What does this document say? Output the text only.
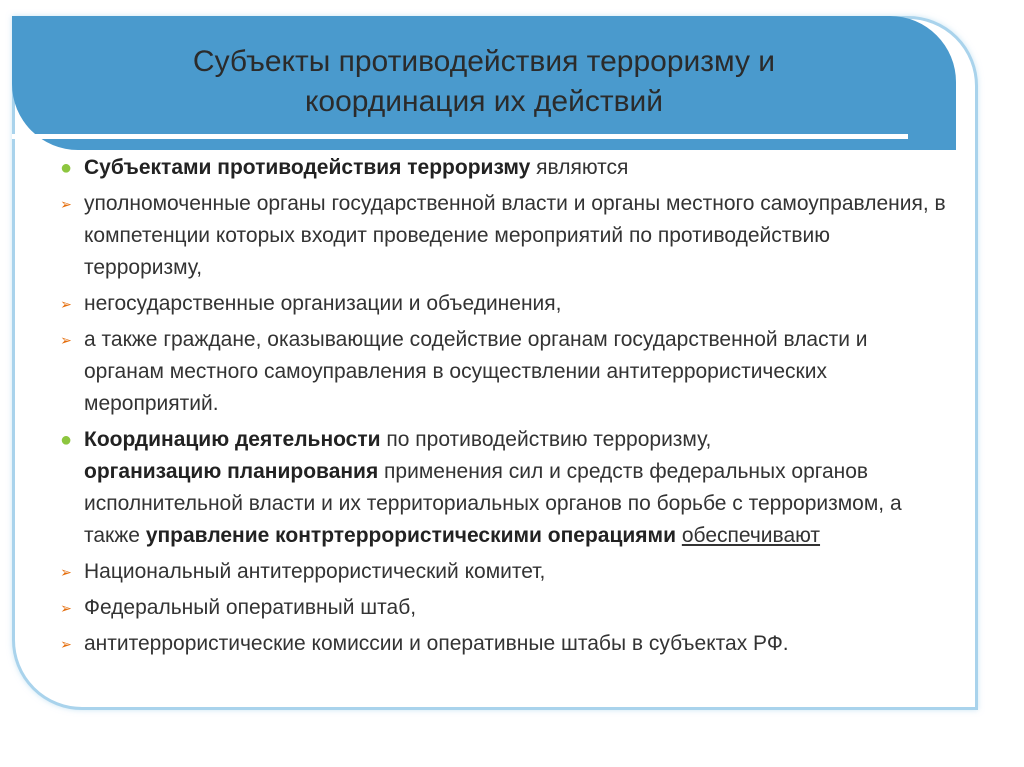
Субъекты противодействия терроризму и
координация их действий
● Субъектами противодействия терроризму являются
➢ уполномоченные органы государственной власти и органы местного самоуправления, в компетенции которых входит проведение мероприятий по противодействию терроризму,
➢ негосударственные организации и объединения,
➢ а также граждане, оказывающие содействие органам государственной власти и органам местного самоуправления в осуществлении антитеррористических мероприятий.
● Координацию деятельности по противодействию терроризму,
организацию планирования применения сил и средств федеральных органов исполнительной власти и их территориальных органов по борьбе с терроризмом, а также управление контртеррористическими операциями обеспечивают
➢ Национальный антитеррористический комитет,
➢ Федеральный оперативный штаб,
➢ антитеррористические комиссии и оперативные штабы в субъектах РФ.
